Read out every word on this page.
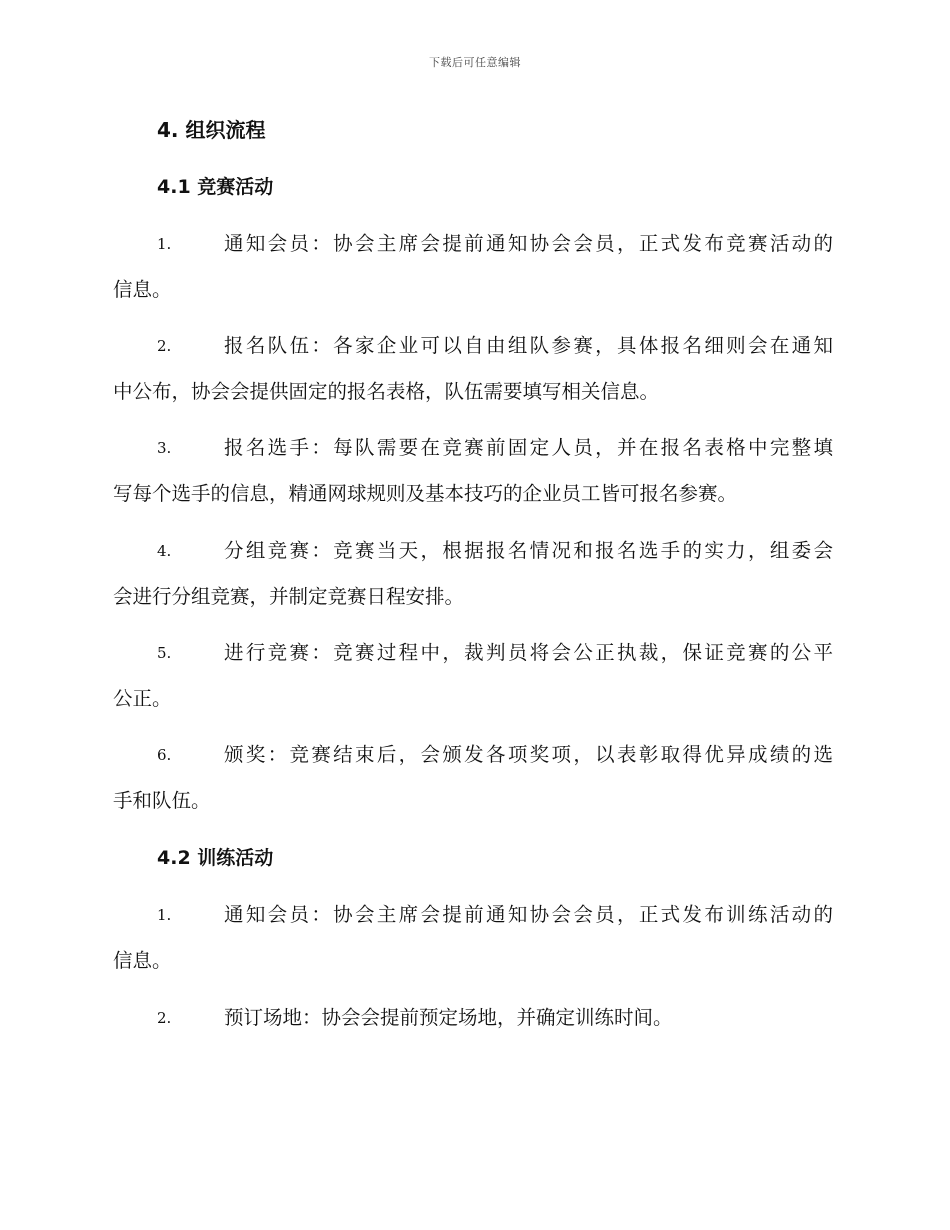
下载后可任意编辑
4. 组织流程
4.1 竞赛活动
1.	通知会员：协会主席会提前通知协会会员，正式发布竞赛活动的
信息。
2.	报名队伍：各家企业可以自由组队参赛，具体报名细则会在通知
中公布，协会会提供固定的报名表格，队伍需要填写相关信息。
3.	报名选手：每队需要在竞赛前固定人员，并在报名表格中完整填
写每个选手的信息，精通网球规则及基本技巧的企业员工皆可报名参赛。
4.	分组竞赛：竞赛当天，根据报名情况和报名选手的实力，组委会
会进行分组竞赛，并制定竞赛日程安排。
5.	进行竞赛：竞赛过程中，裁判员将会公正执裁，保证竞赛的公平
公正。
6.	颁奖：竞赛结束后，会颁发各项奖项，以表彰取得优异成绩的选
手和队伍。
4.2 训练活动
1.	通知会员：协会主席会提前通知协会会员，正式发布训练活动的
信息。
2.	预订场地：协会会提前预定场地，并确定训练时间。
